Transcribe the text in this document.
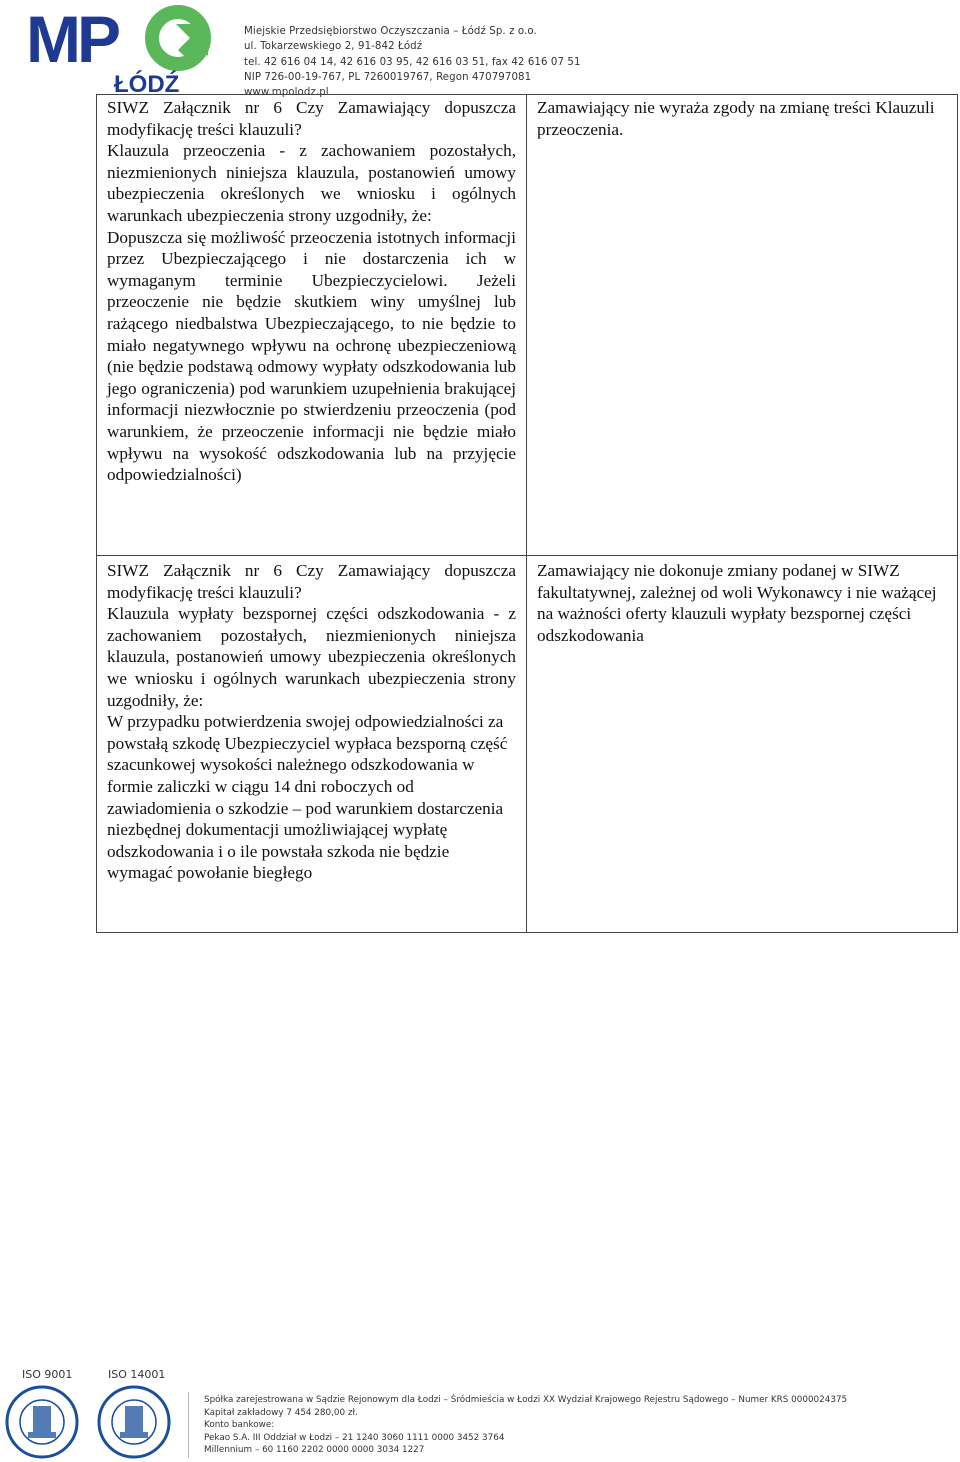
MP
ŁÓDŹ
Miejskie Przedsiębiorstwo Oczyszczania – Łódź Sp. z o.o.
ul. Tokarzewskiego 2, 91-842 Łódź
tel. 42 616 04 14, 42 616 03 95, 42 616 03 51, fax 42 616 07 51
NIP 726-00-19-767, PL 7260019767, Regon 470797081
www.mpolodz.pl

SIWZ Załącznik nr 6 Czy Zamawiający dopuszcza modyfikację treści klauzuli?

Klauzula przeoczenia - z zachowaniem pozostałych, niezmienionych niniejsza klauzula, postanowień umowy ubezpieczenia określonych we wniosku i ogólnych warunkach ubezpieczenia strony uzgodniły, że:

Dopuszcza się możliwość przeoczenia istotnych informacji przez Ubezpieczającego i nie dostarczenia ich w wymaganym terminie Ubezpieczycielowi. Jeżeli przeoczenie nie będzie skutkiem winy umyślnej lub rażącego niedbalstwa Ubezpieczającego, to nie będzie to miało negatywnego wpływu na ochronę ubezpieczeniową (nie będzie podstawą odmowy wypłaty odszkodowania lub jego ograniczenia) pod warunkiem uzupełnienia brakującej informacji niezwłocznie po stwierdzeniu przeoczenia (pod warunkiem, że przeoczenie informacji nie będzie miało wpływu na wysokość odszkodowania lub na przyjęcie odpowiedzialności)	Zamawiający nie wyraża zgody na zmianę treści Klauzuli przeoczenia.

SIWZ Załącznik nr 6 Czy Zamawiający dopuszcza modyfikację treści klauzuli?

Klauzula wypłaty bezspornej części odszkodowania - z zachowaniem pozostałych, niezmienionych niniejsza klauzula, postanowień umowy ubezpieczenia określonych we wniosku i ogólnych warunkach ubezpieczenia strony uzgodniły, że:

W przypadku potwierdzenia swojej odpowiedzialności za powstałą szkodę Ubezpieczyciel wypłaca bezsporną część szacunkowej wysokości należnego odszkodowania w formie zaliczki w ciągu 14 dni roboczych od zawiadomienia o szkodzie – pod warunkiem dostarczenia niezbędnej dokumentacji umożliwiającej wypłatę odszkodowania i o ile powstała szkoda nie będzie wymagać powołanie biegłego	Zamawiający nie dokonuje zmiany podanej w SIWZ fakultatywnej, zależnej od woli Wykonawcy i nie ważącej na ważności oferty klauzuli wypłaty bezspornej części odszkodowania

ISO 9001	ISO 14001
Spółka zarejestrowana w Sądzie Rejonowym dla Łodzi – Śródmieścia w Łodzi XX Wydział Krajowego Rejestru Sądowego – Numer KRS 0000024375
Kapitał zakładowy 7 454 280,00 zł.
Konto bankowe:
Pekao S.A. III Oddział w Łodzi – 21 1240 3060 1111 0000 3452 3764
Millennium – 60 1160 2202 0000 0000 3034 1227
